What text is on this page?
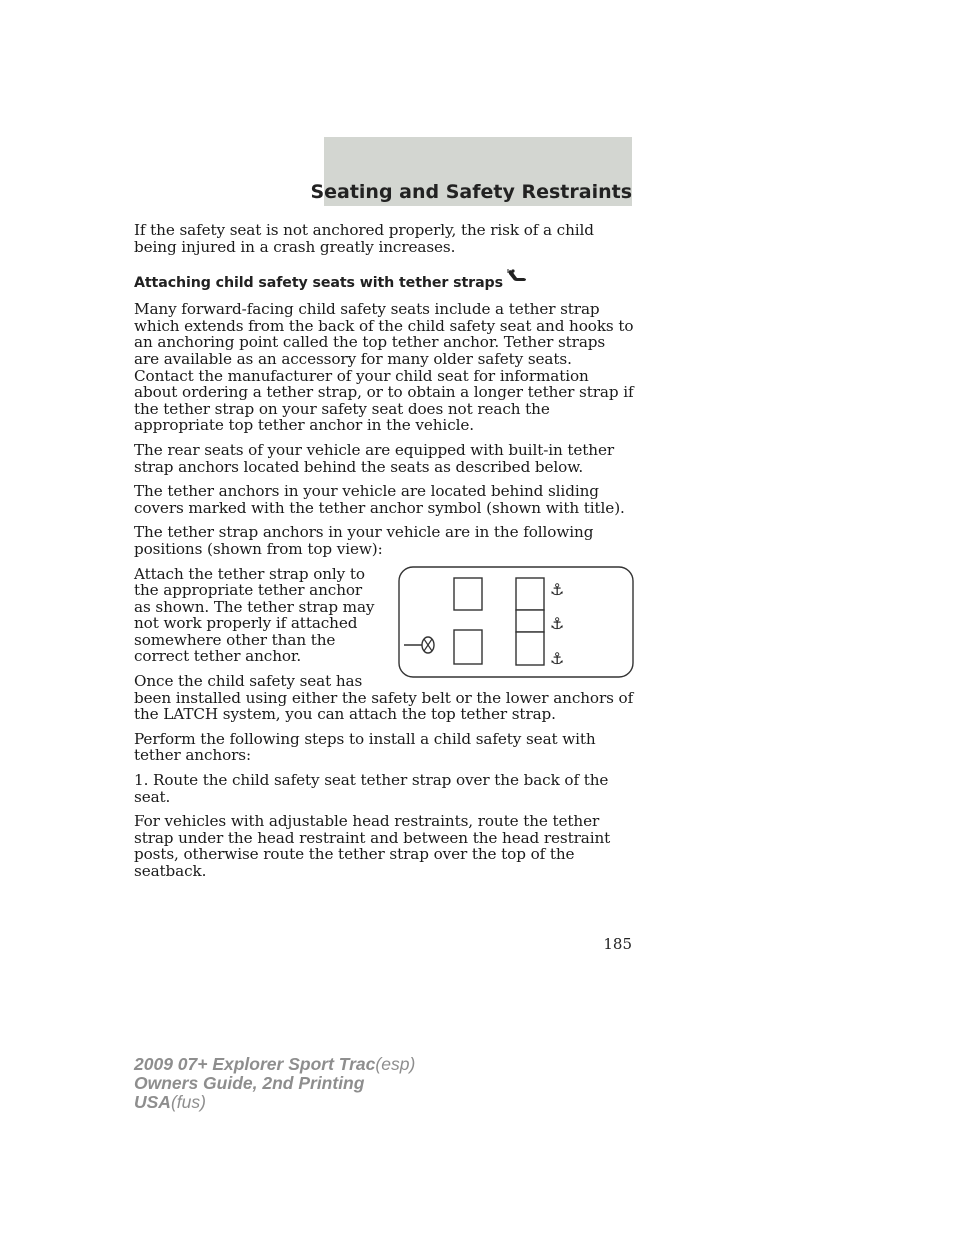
Seating and Safety Restraints

If the safety seat is not anchored properly, the risk of a child being injured in a crash greatly increases.

Attaching child safety seats with tether straps

Many forward-facing child safety seats include a tether strap which extends from the back of the child safety seat and hooks to an anchoring point called the top tether anchor. Tether straps are available as an accessory for many older safety seats. Contact the manufacturer of your child seat for information about ordering a tether strap, or to obtain a longer tether strap if the tether strap on your safety seat does not reach the appropriate top tether anchor in the vehicle.

The rear seats of your vehicle are equipped with built-in tether strap anchors located behind the seats as described below.

The tether anchors in your vehicle are located behind sliding covers marked with the tether anchor symbol (shown with title).

The tether strap anchors in your vehicle are in the following positions (shown from top view):

⚓
⚓
⚓

Attach the tether strap only to the appropriate tether anchor as shown. The tether strap may not work properly if attached somewhere other than the correct tether anchor.

Once the child safety seat has been installed using either the safety belt or the lower anchors of the LATCH system, you can attach the top tether strap.

Perform the following steps to install a child safety seat with tether anchors:

1. Route the child safety seat tether strap over the back of the seat.

For vehicles with adjustable head restraints, route the tether strap under the head restraint and between the head restraint posts, otherwise route the tether strap over the top of the seatback.

185
2009 07+ Explorer Sport Trac(esp)
Owners Guide, 2nd Printing
USA(fus)
